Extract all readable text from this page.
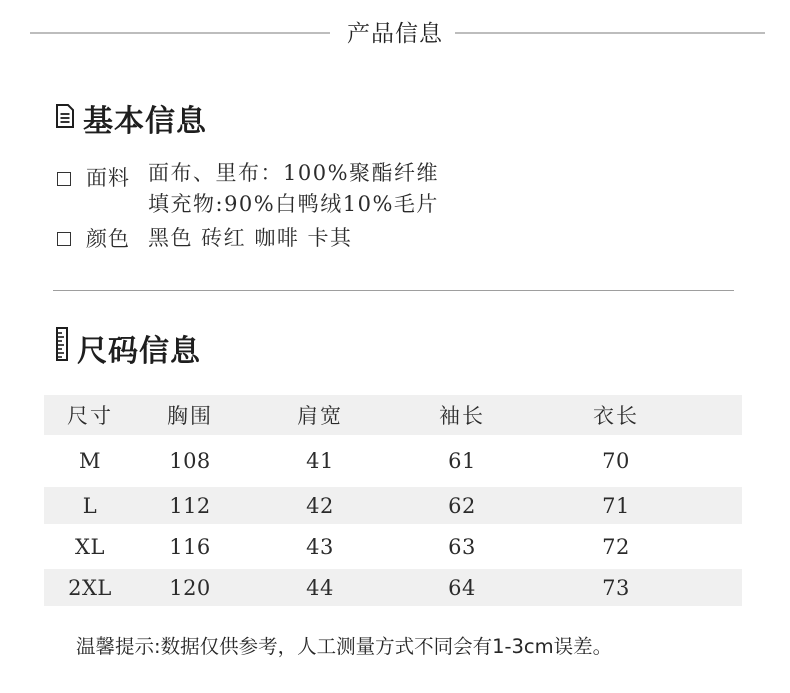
产品信息
基本信息
面料 面布、里布：100%聚酯纤维
填充物:90%白鸭绒10%毛片
颜色 黑色 砖红 咖啡 卡其
尺码信息
尺寸	胸围	肩宽	袖长	衣长
M	108	41	61	70
L	112	42	62	71
XL	116	43	63	72
2XL	120	44	64	73
温馨提示:数据仅供参考，人工测量方式不同会有1-3cm误差。
